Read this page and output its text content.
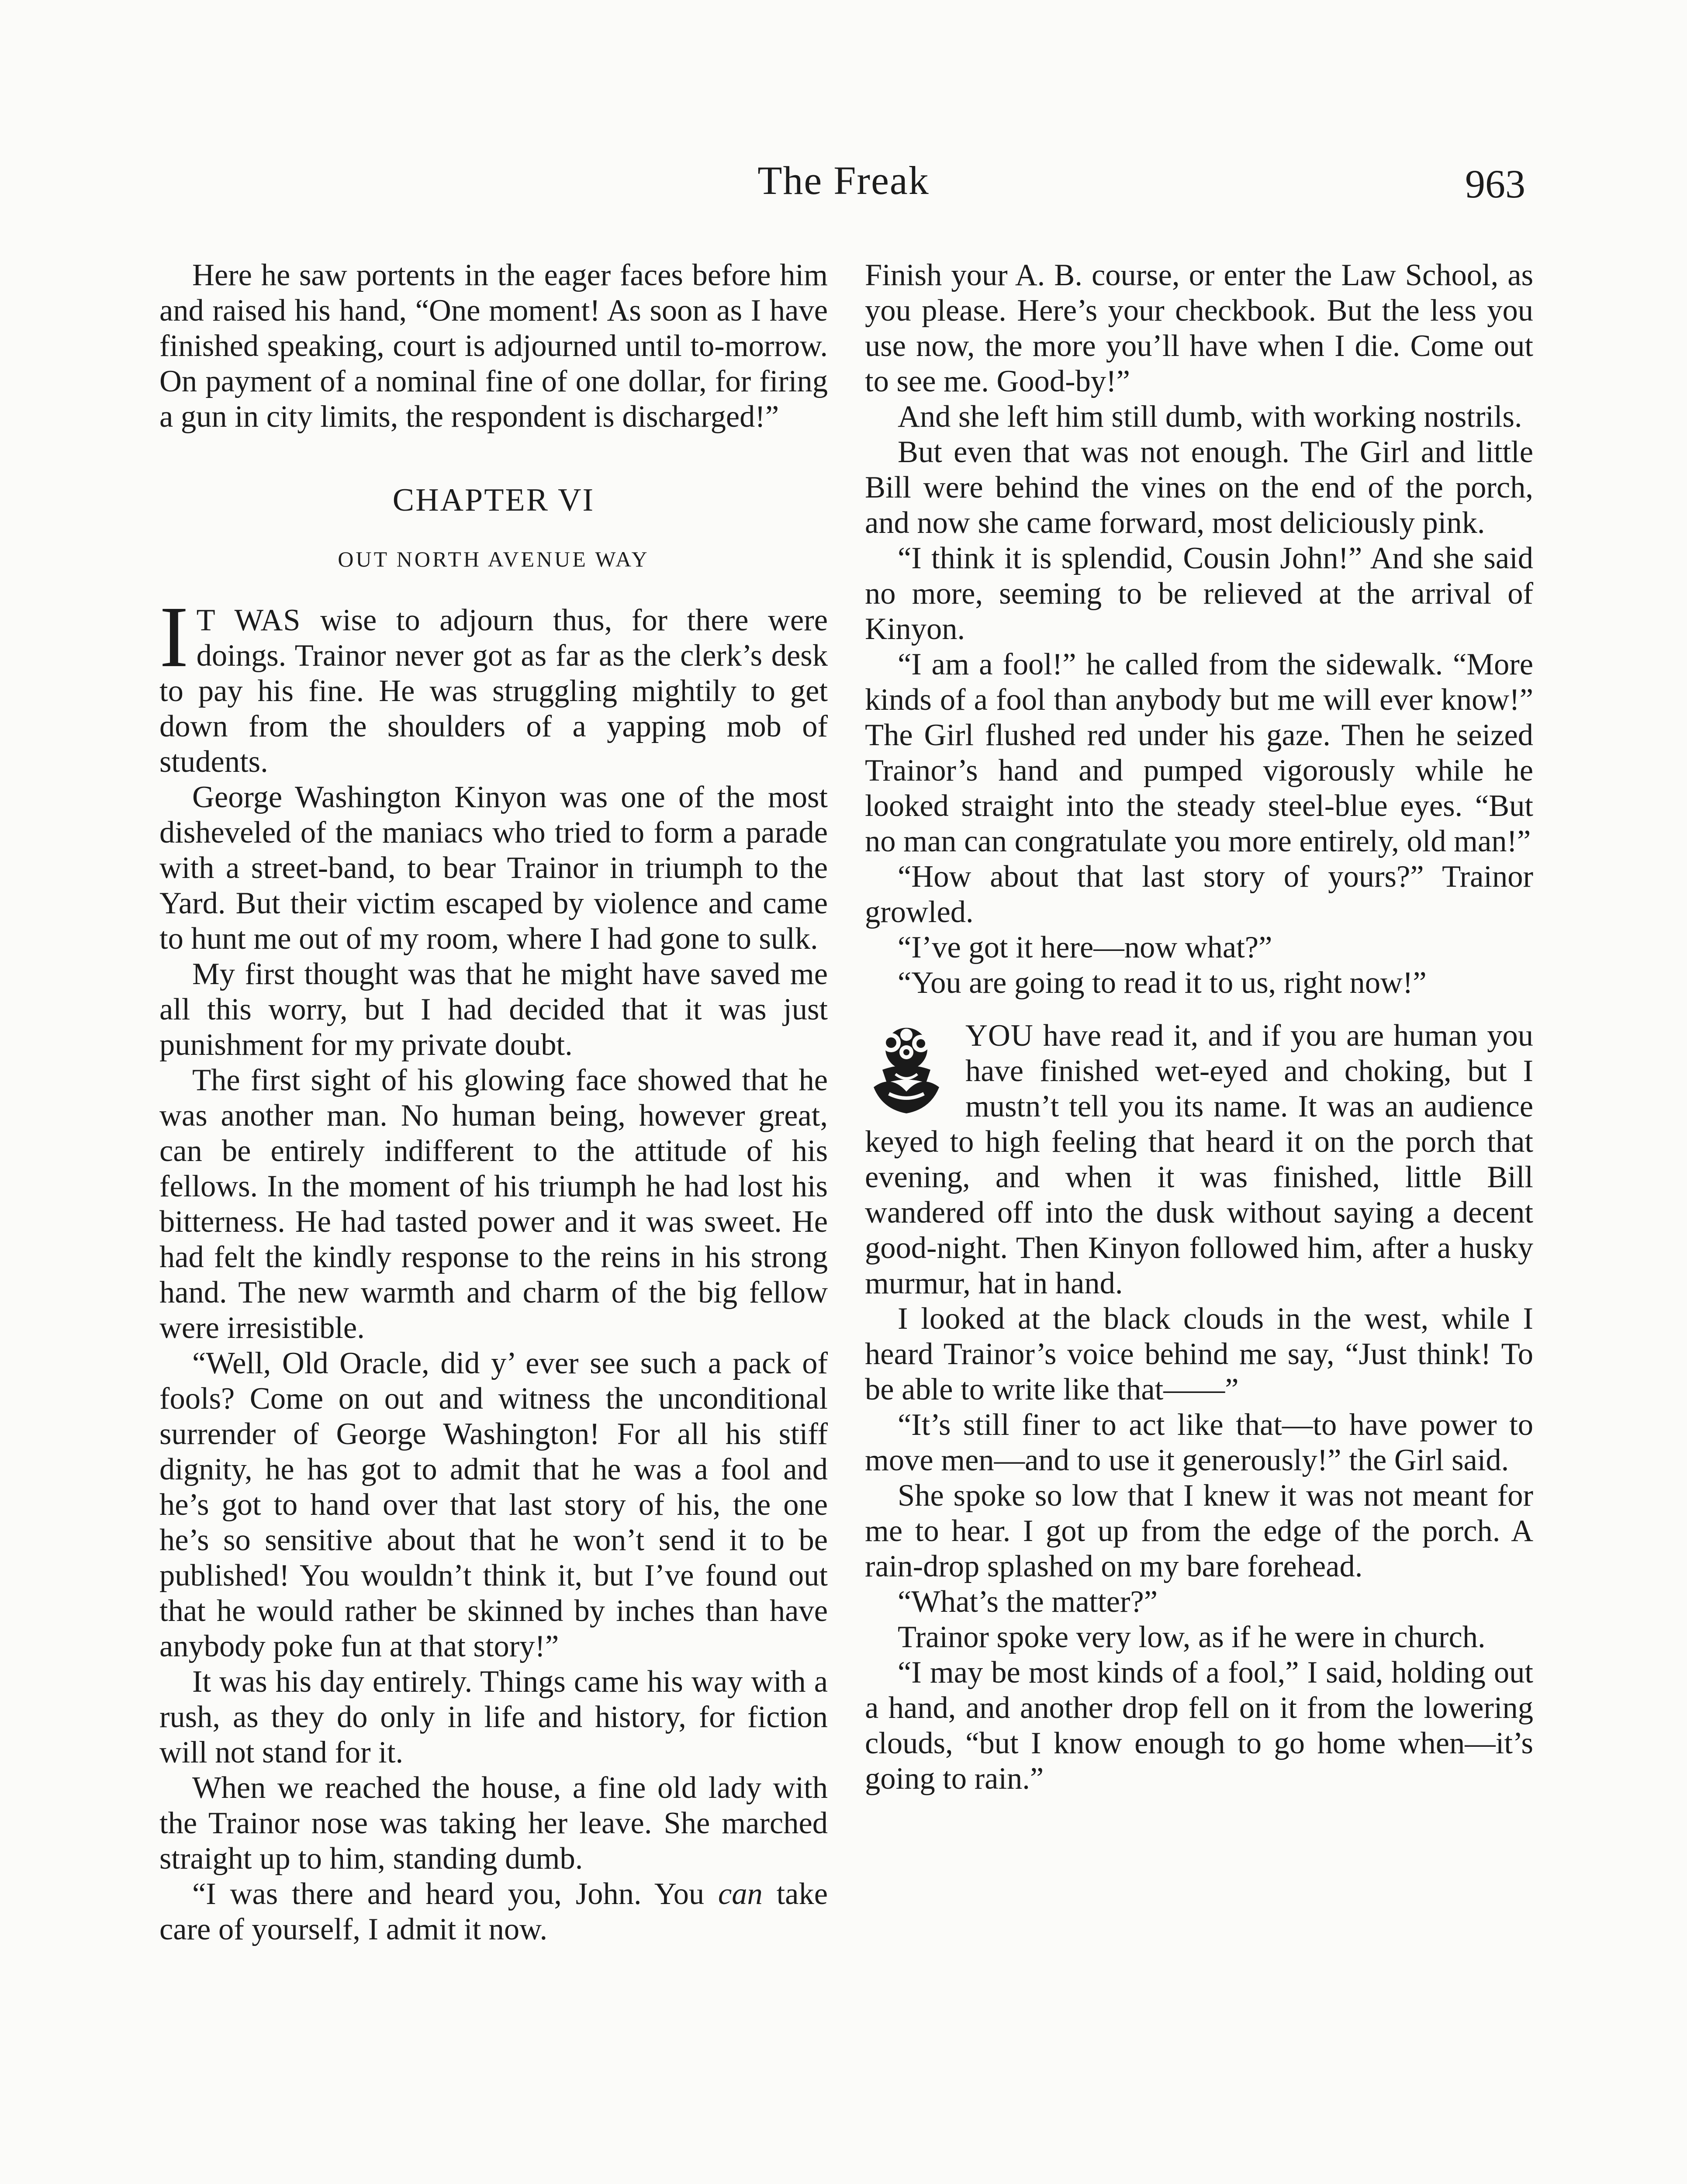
The Freak	963

Here he saw portents in the eager faces before him and raised his hand, “One moment! As soon as I have finished speaking, court is adjourned until to-morrow. On payment of a nominal fine of one dollar, for firing a gun in city limits, the respondent is discharged!”

CHAPTER VI
OUT NORTH AVENUE WAY

I T WAS wise to adjourn thus, for there were doings. Trainor never got as far as the clerk’s desk to pay his fine. He was struggling mightily to get down from the shoulders of a yapping mob of students.

George Washington Kinyon was one of the most disheveled of the maniacs who tried to form a parade with a street-band, to bear Trainor in triumph to the Yard. But their victim escaped by violence and came to hunt me out of my room, where I had gone to sulk.

My first thought was that he might have saved me all this worry, but I had decided that it was just punishment for my private doubt.

The first sight of his glowing face showed that he was another man. No human being, however great, can be entirely indifferent to the attitude of his fellows. In the moment of his triumph he had lost his bitterness. He had tasted power and it was sweet. He had felt the kindly response to the reins in his strong hand. The new warmth and charm of the big fellow were irresistible.

“Well, Old Oracle, did y’ ever see such a pack of fools? Come on out and witness the unconditional surrender of George Washington! For all his stiff dignity, he has got to admit that he was a fool and he’s got to hand over that last story of his, the one he’s so sensitive about that he won’t send it to be published! You wouldn’t think it, but I’ve found out that he would rather be skinned by inches than have anybody poke fun at that story!”

It was his day entirely. Things came his way with a rush, as they do only in life and history, for fiction will not stand for it.

When we reached the house, a fine old lady with the Trainor nose was taking her leave. She marched straight up to him, standing dumb.

“I was there and heard you, John. You can take care of yourself, I admit it now.

Finish your A. B. course, or enter the Law School, as you please. Here’s your checkbook. But the less you use now, the more you’ll have when I die. Come out to see me. Good-by!”

And she left him still dumb, with working nostrils.

But even that was not enough. The Girl and little Bill were behind the vines on the end of the porch, and now she came forward, most deliciously pink.

“I think it is splendid, Cousin John!” And she said no more, seeming to be relieved at the arrival of Kinyon.

“I am a fool!” he called from the sidewalk. “More kinds of a fool than anybody but me will ever know!” The Girl flushed red under his gaze. Then he seized Trainor’s hand and pumped vigorously while he looked straight into the steady steel-blue eyes. “But no man can congratulate you more entirely, old man!”

“How about that last story of yours?” Trainor growled.

“I’ve got it here—now what?”

“You are going to read it to us, right now!”

YOU have read it, and if you are human you have finished wet-eyed and choking, but I mustn’t tell you its name. It was an audience keyed to high feeling that heard it on the porch that evening, and when it was finished, little Bill wandered off into the dusk without saying a decent good-night. Then Kinyon followed him, after a husky murmur, hat in hand.

I looked at the black clouds in the west, while I heard Trainor’s voice behind me say, “Just think! To be able to write like that——”

“It’s still finer to act like that—to have power to move men—and to use it generously!” the Girl said.

She spoke so low that I knew it was not meant for me to hear. I got up from the edge of the porch. A rain-drop splashed on my bare forehead.

“What’s the matter?”

Trainor spoke very low, as if he were in church.

“I may be most kinds of a fool,” I said, holding out a hand, and another drop fell on it from the lowering clouds, “but I know enough to go home when—it’s going to rain.”
